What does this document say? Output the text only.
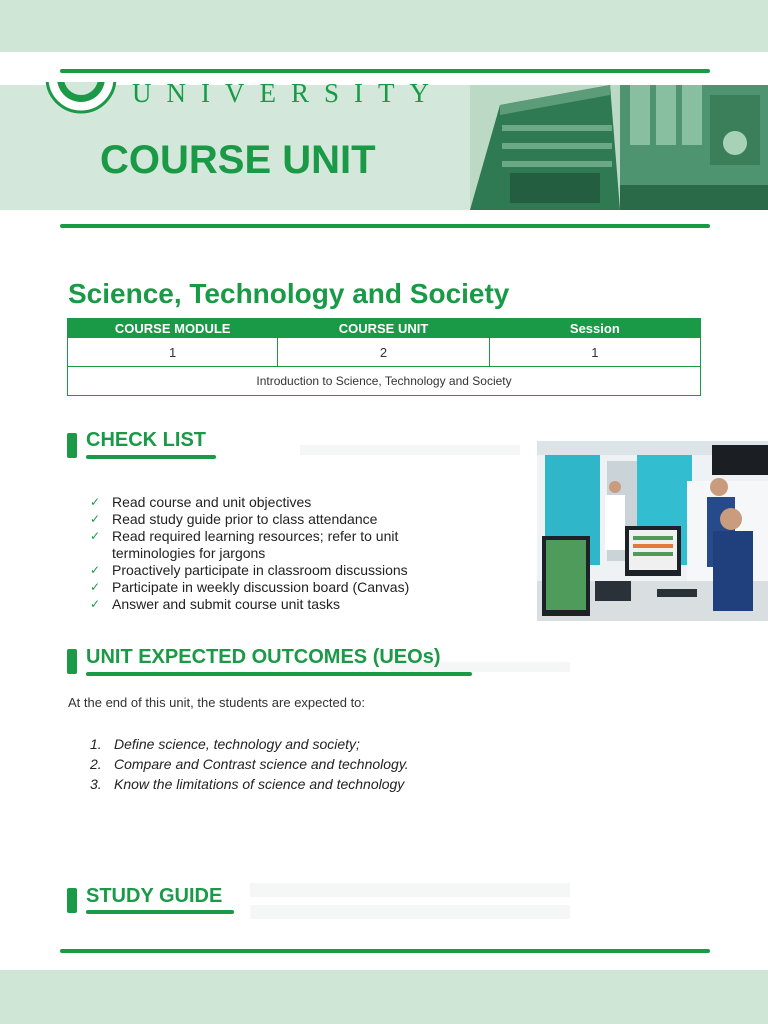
UNIVERSITY
COURSE UNIT
Science, Technology and Society
COURSE MODULE	COURSE UNIT	Session
1	2	1
Introduction to Science, Technology and Society		
CHECK LIST
✓ Read course and unit objectives
✓ Read study guide prior to class attendance
✓ Read required learning resources; refer to unit terminologies for jargons
✓ Proactively participate in classroom discussions
✓ Participate in weekly discussion board (Canvas)
✓ Answer and submit course unit tasks
UNIT EXPECTED OUTCOMES (UEOs)
At the end of this unit, the students are expected to:
1. Define science, technology and society;
2. Compare and Contrast science and technology.
3. Know the limitations of science and technology
STUDY GUIDE
